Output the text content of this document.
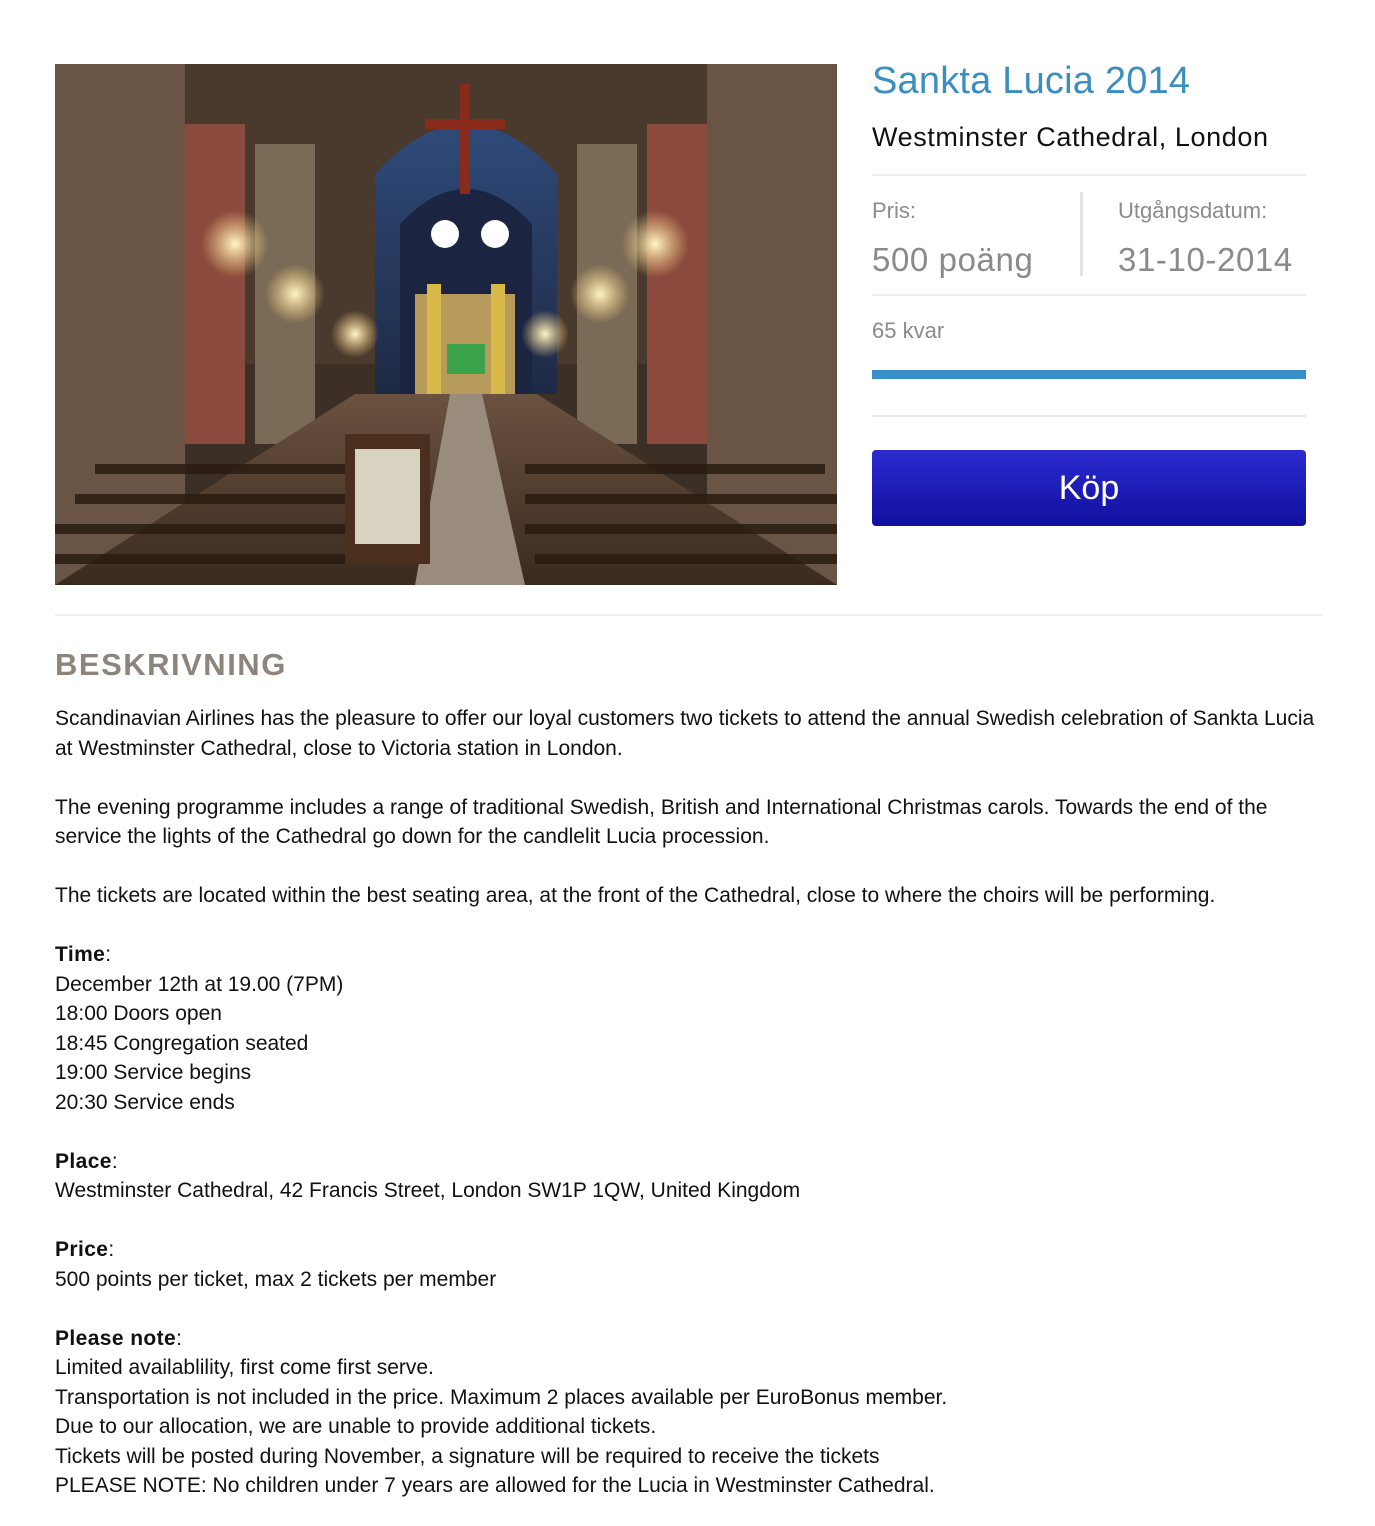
Sankta Lucia 2014
Westminster Cathedral, London
Pris:
500 poäng
Utgångsdatum:
31-10-2014
65 kvar
Köp
BESKRIVNING

Scandinavian Airlines has the pleasure to offer our loyal customers two tickets to attend the annual Swedish celebration of Sankta Lucia at Westminster Cathedral, close to Victoria station in London.

The evening programme includes a range of traditional Swedish, British and International Christmas carols. Towards the end of the service the lights of the Cathedral go down for the candlelit Lucia procession.

The tickets are located within the best seating area, at the front of the Cathedral, close to where the choirs will be performing.

Time:
December 12th at 19.00 (7PM)
18:00 Doors open
18:45 Congregation seated
19:00 Service begins
20:30 Service ends
Place:
Westminster Cathedral, 42 Francis Street, London SW1P 1QW, United Kingdom
Price:
500 points per ticket, max 2 tickets per member
Please note:
Limited availablility, first come first serve.
Transportation is not included in the price. Maximum 2 places available per EuroBonus member.
Due to our allocation, we are unable to provide additional tickets.
Tickets will be posted during November, a signature will be required to receive the tickets
PLEASE NOTE: No children under 7 years are allowed for the Lucia in Westminster Cathedral.
